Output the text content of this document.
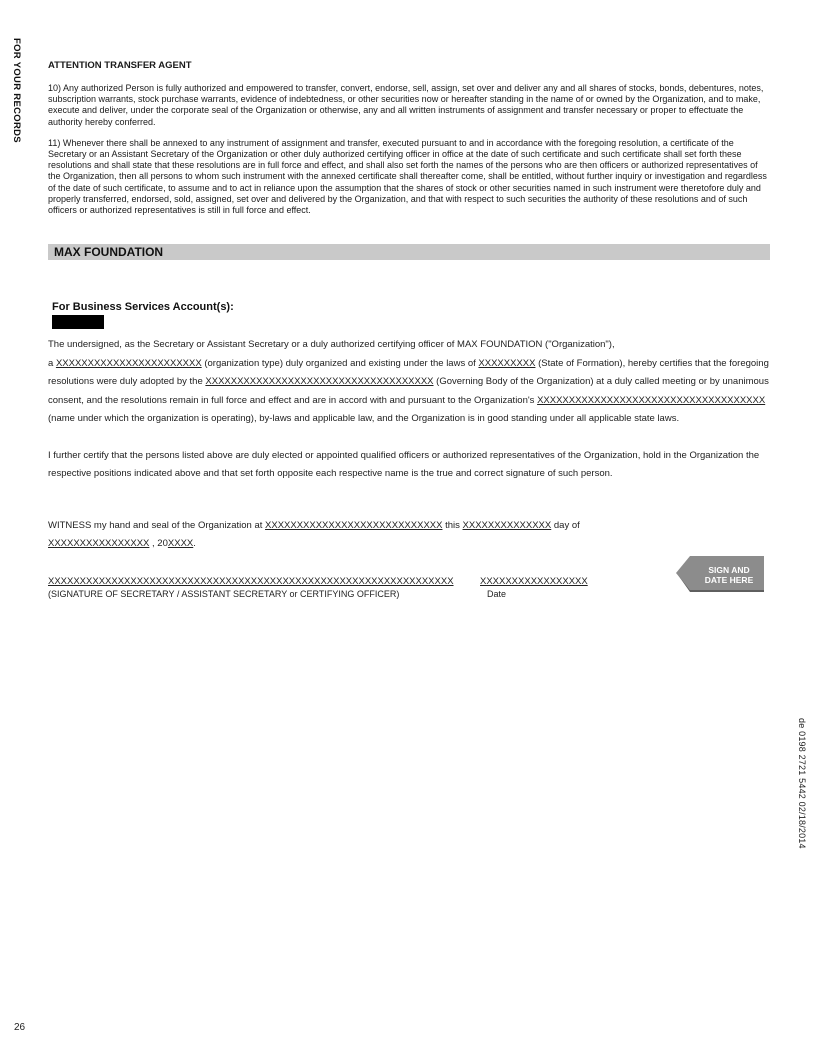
FOR YOUR RECORDS
de 0198 2721 5442 02/18/2014
26
ATTENTION TRANSFER AGENT

10) Any authorized Person is fully authorized and empowered to transfer, convert, endorse, sell, assign, set over and deliver any and all shares of stocks, bonds, debentures, notes, subscription warrants, stock purchase warrants, evidence of indebtedness, or other securities now or hereafter standing in the name of or owned by the Organization, and to make, execute and deliver, under the corporate seal of the Organization or otherwise, any and all written instruments of assignment and transfer necessary or proper to effectuate the authority hereby conferred.

11) Whenever there shall be annexed to any instrument of assignment and transfer, executed pursuant to and in accordance with the foregoing resolution, a certificate of the Secretary or an Assistant Secretary of the Organization or other duly authorized certifying officer in office at the date of such certificate and such certificate shall set forth these resolutions and shall state that these resolutions are in full force and effect, and shall also set forth the names of the persons who are then officers or authorized representatives of the Organization, then all persons to whom such instrument with the annexed certificate shall thereafter come, shall be entitled, without further inquiry or investigation and regardless of the date of such certificate, to assume and to act in reliance upon the assumption that the shares of stock or other securities named in such instrument were theretofore duly and properly transferred, endorsed, sold, assigned, set over and delivered by the Organization, and that with respect to such securities the authority of these resolutions and of such officers or authorized representatives is still in full force and effect.

MAX FOUNDATION
For Business Services Account(s):

The undersigned, as the Secretary or Assistant Secretary or a duly authorized certifying officer of MAX FOUNDATION ("Organization"),

a XXXXXXXXXXXXXXXXXXXXXXX (organization type) duly organized and existing under the laws of XXXXXXXXX (State of Formation), hereby certifies that the foregoing resolutions were duly adopted by the XXXXXXXXXXXXXXXXXXXXXXXXXXXXXXXXXXXX (Governing Body of the Organization) at a duly called meeting or by unanimous consent, and the resolutions remain in full force and effect and are in accord with and pursuant to the Organization's XXXXXXXXXXXXXXXXXXXXXXXXXXXXXXXXXXXX (name under which the organization is operating), by-laws and applicable law, and the Organization is in good standing under all applicable state laws.

I further certify that the persons listed above are duly elected or appointed qualified officers or authorized representatives of the Organization, hold in the Organization the respective positions indicated above and that set forth opposite each respective name is the true and correct signature of such person.

WITNESS my hand and seal of the Organization at XXXXXXXXXXXXXXXXXXXXXXXXXXXX this XXXXXXXXXXXXXX day of
XXXXXXXXXXXXXXXX , 20XXXX.
XXXXXXXXXXXXXXXXXXXXXXXXXXXXXXXXXXXXXXXXXXXXXXXXXXXXXXXXXXXXXXXX
(SIGNATURE OF SECRETARY / ASSISTANT SECRETARY or CERTIFYING OFFICER)
XXXXXXXXXXXXXXXXX
Date
SIGN AND
DATE HERE
